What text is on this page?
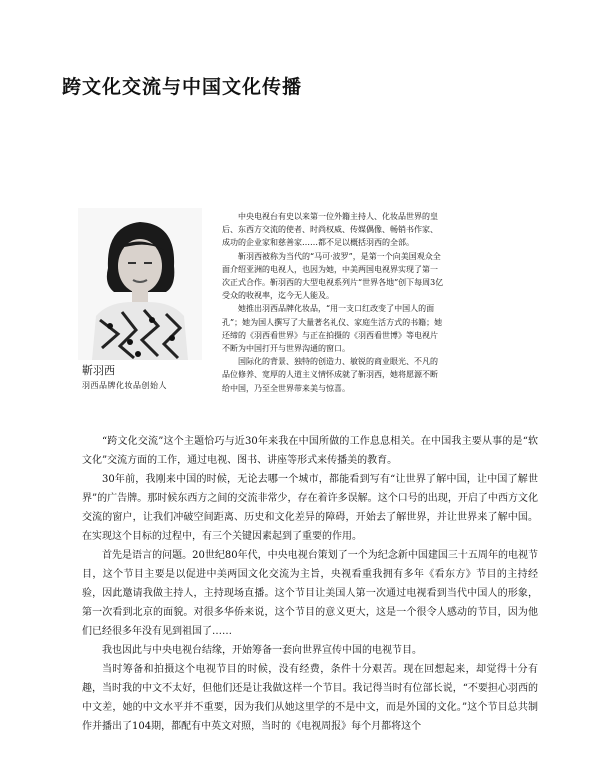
跨文化交流与中国文化传播
靳羽西
羽西品牌化妆品创始人

中央电视台有史以来第一位外籍主持人、化妆品世界的皇后、东西方交流的使者、时尚权威、传媒偶像、畅销书作家、成功的企业家和慈善家……都不足以概括羽西的全部。

靳羽西被称为当代的“马可·波罗”，是第一个向美国观众全面介绍亚洲的电视人，也因为她，中美两国电视界实现了第一次正式合作。靳羽西的大型电视系列片“世界各地”创下每周3亿受众的收视率，迄今无人能及。

她推出羽西品牌化妆品，“用一支口红改变了中国人的面孔”；她为国人撰写了大量著名礼仪、家庭生活方式的书籍；她还缔的《羽西看世界》与正在拍摄的《羽西看世博》等电视片不断为中国打开与世界沟通的窗口。

国际化的背景、独特的创造力、敏锐的商业眼光、不凡的品位修养、宽厚的人道主义情怀成就了靳羽西，她将愿源不断给中国，乃至全世界带来美与惊喜。

“跨文化交流”这个主题恰巧与近30年来我在中国所做的工作息息相关。在中国我主要从事的是“软文化”交流方面的工作，通过电视、图书、讲座等形式来传播美的教育。

30年前，我刚来中国的时候，无论去哪一个城市，都能看到写有“让世界了解中国，让中国了解世界”的广告牌。那时候东西方之间的交流非常少，存在着许多误解。这个口号的出现，开启了中西方文化交流的窗户，让我们冲破空间距离、历史和文化差异的障碍，开始去了解世界，并让世界来了解中国。在实现这个目标的过程中，有三个关键因素起到了重要的作用。

首先是语言的问题。20世纪80年代，中央电视台策划了一个为纪念新中国建国三十五周年的电视节目，这个节目主要是以促进中美两国文化交流为主旨，央视看重我拥有多年《看东方》节目的主持经验，因此邀请我做主持人，主持现场直播。这个节目让美国人第一次通过电视看到当代中国人的形象，第一次看到北京的面貌。对很多华侨来说，这个节目的意义更大，这是一个很令人感动的节目，因为他们已经很多年没有见到祖国了……

我也因此与中央电视台结缘，开始筹备一套向世界宣传中国的电视节目。

当时筹备和拍摄这个电视节目的时候，没有经费，条件十分艰苦。现在回想起来，却觉得十分有趣，当时我的中文不太好，但他们还是让我做这样一个节目。我记得当时有位部长说，“不要担心羽西的中文差，她的中文水平并不重要，因为我们从她这里学的不是中文，而是外国的文化。”这个节目总共制作并播出了104期，都配有中英文对照，当时的《电视周报》每个月都将这个
